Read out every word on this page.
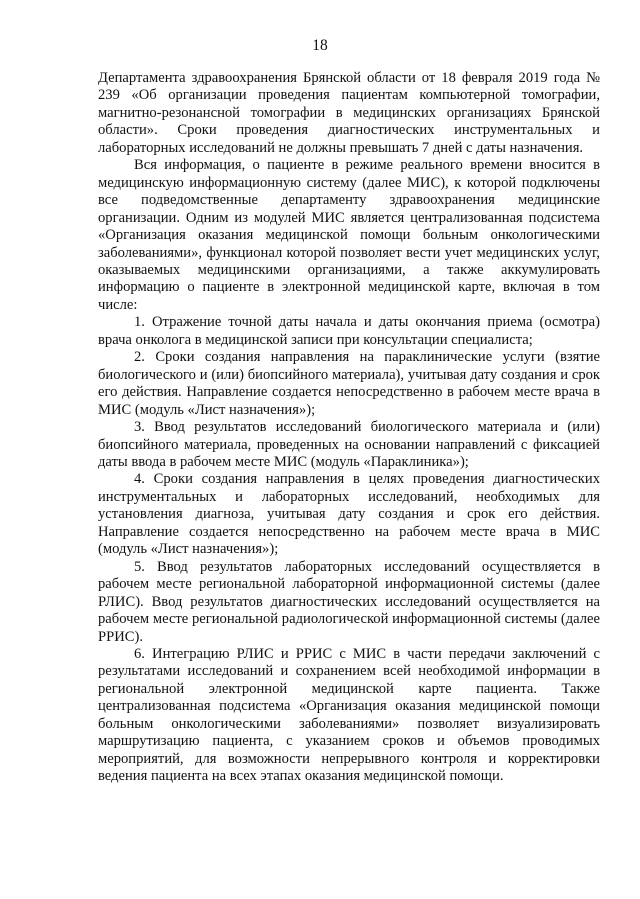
18

Департамента здравоохранения Брянской области от 18 февраля 2019 года № 239 «Об организации проведения пациентам компьютерной томографии, магнитно-резонансной томографии в медицинских организациях Брянской области». Сроки проведения диагностических инструментальных и лабораторных исследований не должны превышать 7 дней с даты назначения.

Вся информация, о пациенте в режиме реального времени вносится в медицинскую информационную систему (далее МИС), к которой подключены все подведомственные департаменту здравоохранения медицинские организации. Одним из модулей МИС является централизованная подсистема «Организация оказания медицинской помощи больным онкологическими заболеваниями», функционал которой позволяет вести учет медицинских услуг, оказываемых медицинскими организациями, а также аккумулировать информацию о пациенте в электронной медицинской карте, включая в том числе:

1. Отражение точной даты начала и даты окончания приема (осмотра) врача онколога в медицинской записи при консультации специалиста;

2. Сроки создания направления на параклинические услуги (взятие биологического и (или) биопсийного материала), учитывая дату создания и срок его действия. Направление создается непосредственно в рабочем месте врача в МИС (модуль «Лист назначения»);

3. Ввод результатов исследований биологического материала и (или) биопсийного материала, проведенных на основании направлений с фиксацией даты ввода в рабочем месте МИС (модуль «Параклиника»);

4. Сроки создания направления в целях проведения диагностических инструментальных и лабораторных исследований, необходимых для установления диагноза, учитывая дату создания и срок его действия. Направление создается непосредственно на рабочем месте врача в МИС (модуль «Лист назначения»);

5. Ввод результатов лабораторных исследований осуществляется в рабочем месте региональной лабораторной информационной системы (далее РЛИС). Ввод результатов диагностических исследований осуществляется на рабочем месте региональной радиологической информационной системы (далее РРИС).

6. Интеграцию РЛИС и РРИС с МИС в части передачи заключений с результатами исследований и сохранением всей необходимой информации в региональной электронной медицинской карте пациента. Также централизованная подсистема «Организация оказания медицинской помощи больным онкологическими заболеваниями» позволяет визуализировать маршрутизацию пациента, с указанием сроков и объемов проводимых мероприятий, для возможности непрерывного контроля и корректировки ведения пациента на всех этапах оказания медицинской помощи.
